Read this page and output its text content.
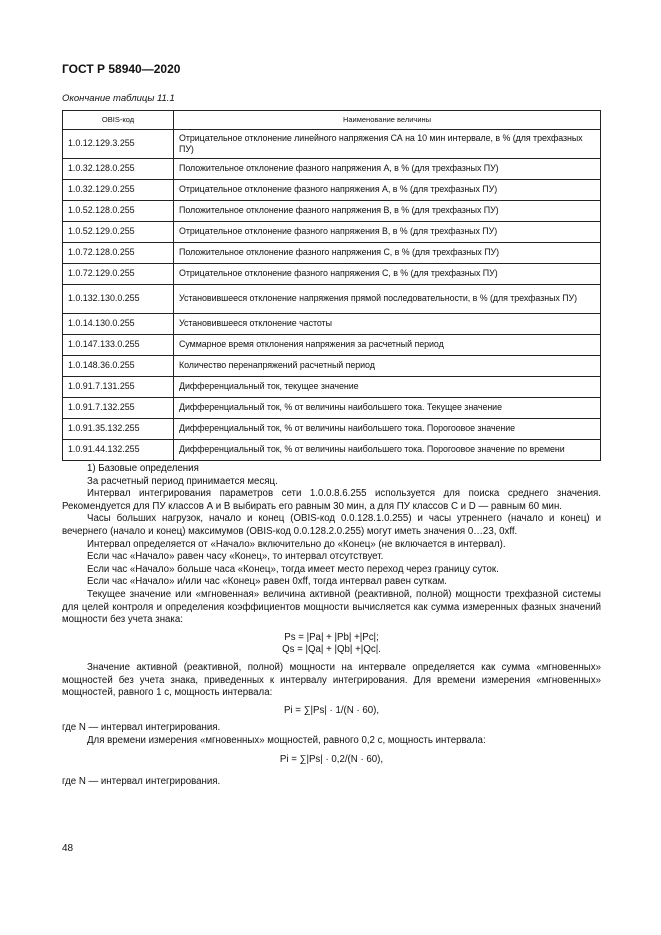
ГОСТ Р 58940—2020
Окончание таблицы 11.1
OBIS-код	Наименование величины
1.0.12.129.3.255	Отрицательное отклонение линейного напряжения СА на 10 мин интервале, в % (для трехфазных ПУ)
1.0.32.128.0.255	Положительное отклонение фазного напряжения А, в % (для трехфазных ПУ)
1.0.32.129.0.255	Отрицательное отклонение фазного напряжения А, в % (для трехфазных ПУ)
1.0.52.128.0.255	Положительное отклонение фазного напряжения В, в % (для трехфазных ПУ)
1.0.52.129.0.255	Отрицательное отклонение фазного напряжения В, в % (для трехфазных ПУ)
1.0.72.128.0.255	Положительное отклонение фазного напряжения С, в % (для трехфазных ПУ)
1.0.72.129.0.255	Отрицательное отклонение фазного напряжения С, в % (для трехфазных ПУ)
1.0.132.130.0.255	Установившееся отклонение напряжения прямой последовательности, в % (для трехфазных ПУ)
1.0.14.130.0.255	Установившееся отклонение частоты
1.0.147.133.0.255	Суммарное время отклонения напряжения за расчетный период
1.0.148.36.0.255	Количество перенапряжений расчетный период
1.0.91.7.131.255	Дифференциальный ток, текущее значение
1.0.91.7.132.255	Дифференциальный ток, % от величины наибольшего тока. Текущее значение
1.0.91.35.132.255	Дифференциальный ток, % от величины наибольшего тока. Порогоовое значение
1.0.91.44.132.255	Дифференциальный ток, % от величины наибольшего тока. Порогоовое значение по времени

1) Базовые определения

За расчетный период принимается месяц.

Интервал интегрирования параметров сети 1.0.0.8.6.255 используется для поиска среднего значения. Рекомендуется для ПУ классов А и В выбирать его равным 30 мин, а для ПУ классов С и D — равным 60 мин.

Часы больших нагрузок, начало и конец (OBIS-код 0.0.128.1.0.255) и часы утреннего (начало и конец) и вечернего (начало и конец) максимумов (OBIS-код 0.0.128.2.0.255) могут иметь значения 0…23, 0xff.

Интервал определяется от «Начало» включительно до «Конец» (не включается в интервал).

Если час «Начало» равен часу «Конец», то интервал отсутствует.

Если час «Начало» больше часа «Конец», тогда имеет место переход через границу суток.

Если час «Начало» и/или час «Конец» равен 0xff, тогда интервал равен суткам.

Текущее значение или «мгновенная» величина активной (реактивной, полной) мощности трехфазной системы для целей контроля и определения коэффициентов мощности вычисляется как сумма измеренных фазных значений мощности без учета знака:

Ps = |Pa| + |Pb| +|Pc|;

Qs = |Qa| + |Qb| +|Qc|.

Значение активной (реактивной, полной) мощности на интервале определяется как сумма «мгновенных» мощностей без учета знака, приведенных к интервалу интегрирования. Для времени измерения «мгновенных» мощностей, равного 1 с, мощность интервала:

Pi = ∑|Ps| · 1/(N · 60),

где N — интервал интегрирования.

Для времени измерения «мгновенных» мощностей, равного 0,2 с, мощность интервала:

Pi = ∑|Ps| · 0,2/(N · 60),

где N — интервал интегрирования.

48
